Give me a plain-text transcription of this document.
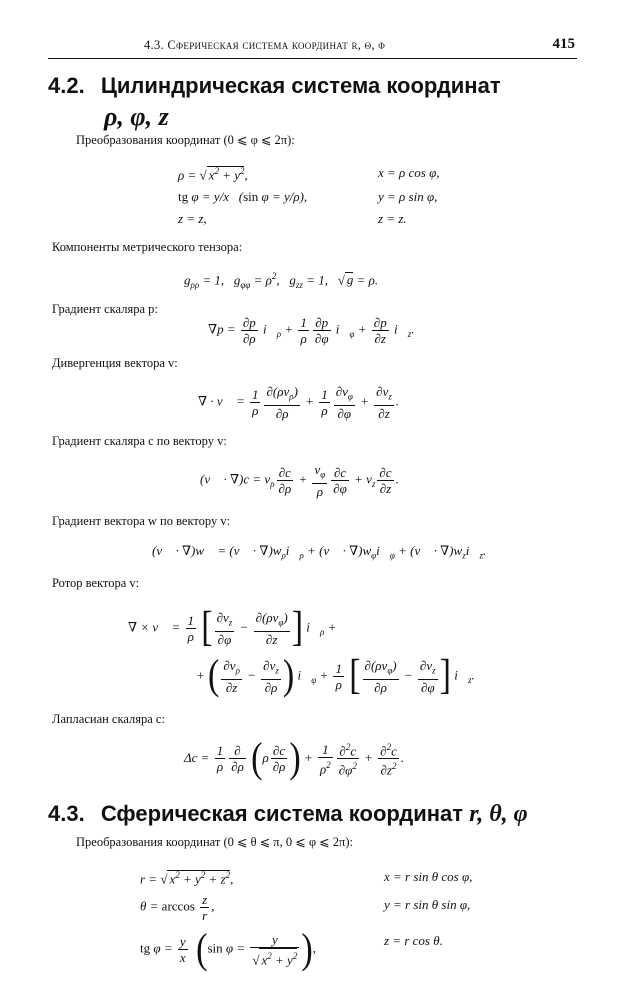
4.3. Сферическая система координат r, θ, φ	415
4.2. Цилиндрическая система координат
ρ, φ, z
Преобразования координат (0 ⩽ φ ⩽ 2π):
ρ = √ $x^2 + y^2$,
tg φ = y/x   (sin φ = y/ρ),
z = z,
x = ρ cos φ,
y = ρ sin φ,
z = z.
Компоненты метрического тензора:
$g_{\rho\rho} = 1$,   $g_{\varphi\varphi} = \rho^2$,   $g_{zz} = 1$,   √ g = ρ.
Градиент скаляра p:
$\nabla p = \frac{\partial p}{\partial\rho}$ $i⃗_\rho + \frac{1}{\rho} \frac{\partial p}{\partial\varphi}$ $i⃗_\varphi + \frac{\partial p}{\partial z}$ $i⃗_z$.
Дивергенция вектора v:
∇ · v⃗ = $\frac{1}{\rho} \frac{\partial(\rho v_\rho)}{\partial\rho} + \frac{1}{\rho} \frac{\partial v_\varphi}{\partial\varphi} + \frac{\partial v_z}{\partial z}$ .
Градиент скаляра c по вектору v:
(v⃗ · $\nabla)c = v_\rho \frac{\partial c}{\partial\rho} + \frac{v_\varphi}{\rho} \frac{\partial c}{\partial\varphi} + v_z \frac{\partial c}{\partial z}$ .
Градиент вектора w по вектору v:
(v⃗ · ∇)w⃗ = (v⃗ · $\nabla)w_\rho i⃗_\rho$ + (v⃗ · $\nabla)w_\varphi i⃗_\varphi$ + (v⃗ · $\nabla)w_zi⃗_z$.
Ротор вектора v:
∇ × v⃗ = $\frac{1}{\rho}$ [ $\frac{\partial v_z}{\partial\varphi} - \frac{\partial(\rho v_\varphi)}{\partial z}$ ] $i⃗_\rho$ +
+ ( $\frac{\partial v_\rho}{\partial z} - \frac{\partial v_z}{\partial\rho}$ ) $i⃗_\varphi + \frac{1}{\rho}$ [ $\frac{\partial(\rho v_\varphi)}{\partial\rho} - \frac{\partial v_z}{\partial\varphi}$ ] $i⃗_z$.
Лапласиан скаляра c:
$\Delta c = \frac{1}{\rho} \frac{\partial}{\partial\rho} (\rho \frac{\partial c}{\partial\rho}$ ) + $\frac{1}{\rho^2} \frac{\partial^2c}{\partial\varphi^2} + \frac{\partial^2c}{\partial z^2}$ .
4.3. Сферическая система координат r, θ, φ
Преобразования координат (0 ⩽ θ ⩽ π, 0 ⩽ φ ⩽ 2π):
r = √ $x^2 + y^2 + z^2$,
$\theta = \arccos \frac{z}{r}$ ,
tg $\varphi = \frac{y}{x} (\sin$ $\varphi = \frac{y}{√ x^2 + y^2}$ ),
x = r sin θ cos φ,
y = r sin θ sin φ,
z = r cos θ.
